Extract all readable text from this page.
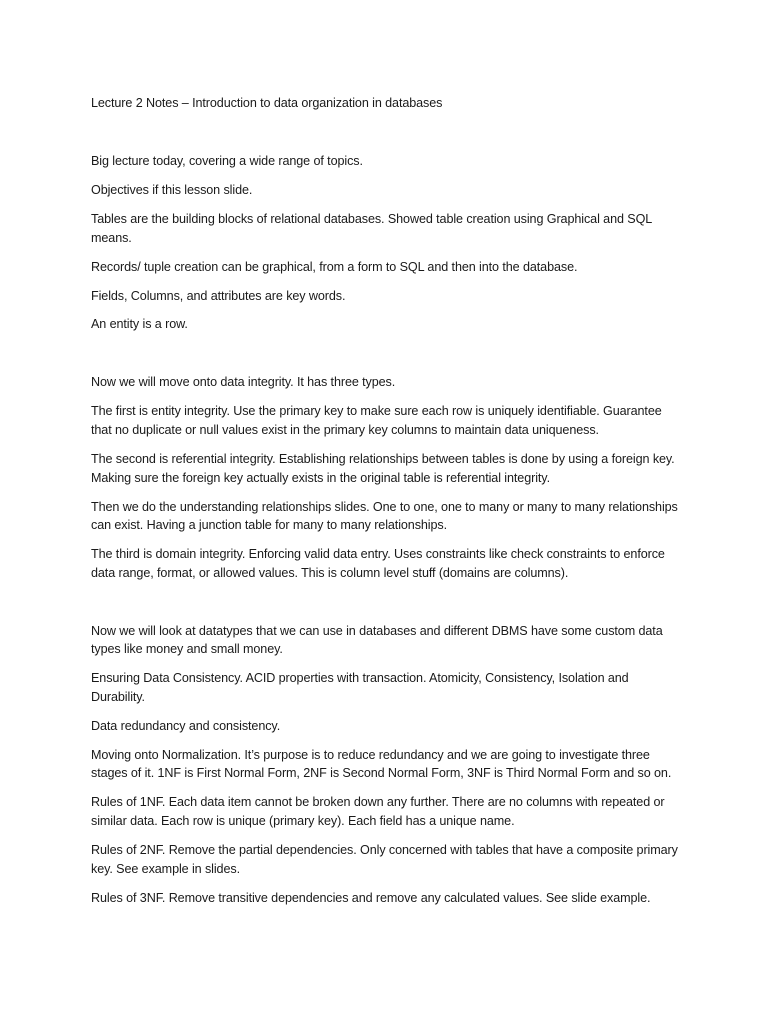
Lecture 2 Notes – Introduction to data organization in databases

Big lecture today, covering a wide range of topics.

Objectives if this lesson slide.

Tables are the building blocks of relational databases. Showed table creation using Graphical and SQL means.

Records/ tuple creation can be graphical, from a form to SQL and then into the database.

Fields, Columns, and attributes are key words.

An entity is a row.

Now we will move onto data integrity. It has three types.

The first is entity integrity. Use the primary key to make sure each row is uniquely identifiable. Guarantee that no duplicate or null values exist in the primary key columns to maintain data uniqueness.

The second is referential integrity. Establishing relationships between tables is done by using a foreign key. Making sure the foreign key actually exists in the original table is referential integrity.

Then we do the understanding relationships slides. One to one, one to many or many to many relationships can exist. Having a junction table for many to many relationships.

The third is domain integrity. Enforcing valid data entry. Uses constraints like check constraints to enforce data range, format, or allowed values. This is column level stuff (domains are columns).

Now we will look at datatypes that we can use in databases and different DBMS have some custom data types like money and small money.

Ensuring Data Consistency. ACID properties with transaction. Atomicity, Consistency, Isolation and Durability.

Data redundancy and consistency.

Moving onto Normalization. It’s purpose is to reduce redundancy and we are going to investigate three stages of it. 1NF is First Normal Form, 2NF is Second Normal Form, 3NF is Third Normal Form and so on.

Rules of 1NF. Each data item cannot be broken down any further. There are no columns with repeated or similar data. Each row is unique (primary key). Each field has a unique name.

Rules of 2NF. Remove the partial dependencies. Only concerned with tables that have a composite primary key. See example in slides.

Rules of 3NF. Remove transitive dependencies and remove any calculated values. See slide example.
